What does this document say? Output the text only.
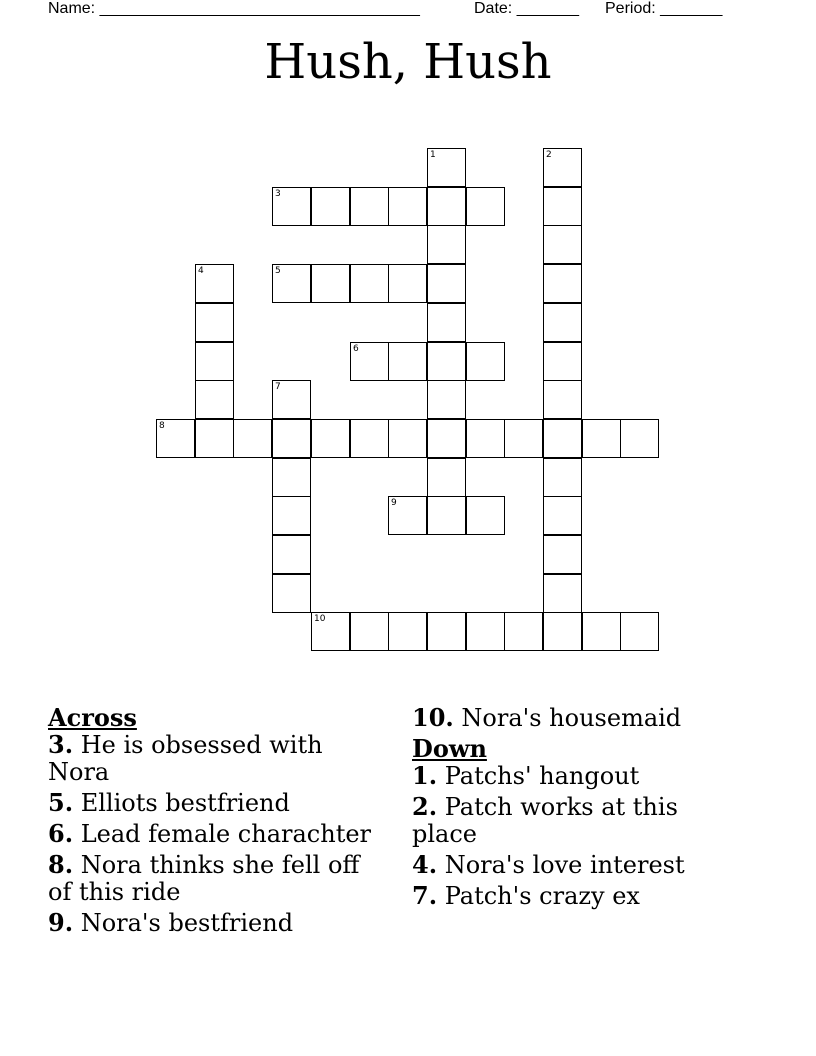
Name: ____________________________________	Date: _______ Period: _______
Hush, Hush
1	2
3
4	5
6
7
8
9
10

Across

3. He is obsessed with Nora

5. Elliots bestfriend

6. Lead female charachter

8. Nora thinks she fell off of this ride

9. Nora's bestfriend

10. Nora's housemaid

Down

1. Patchs' hangout

2. Patch works at this place

4. Nora's love interest

7. Patch's crazy ex
